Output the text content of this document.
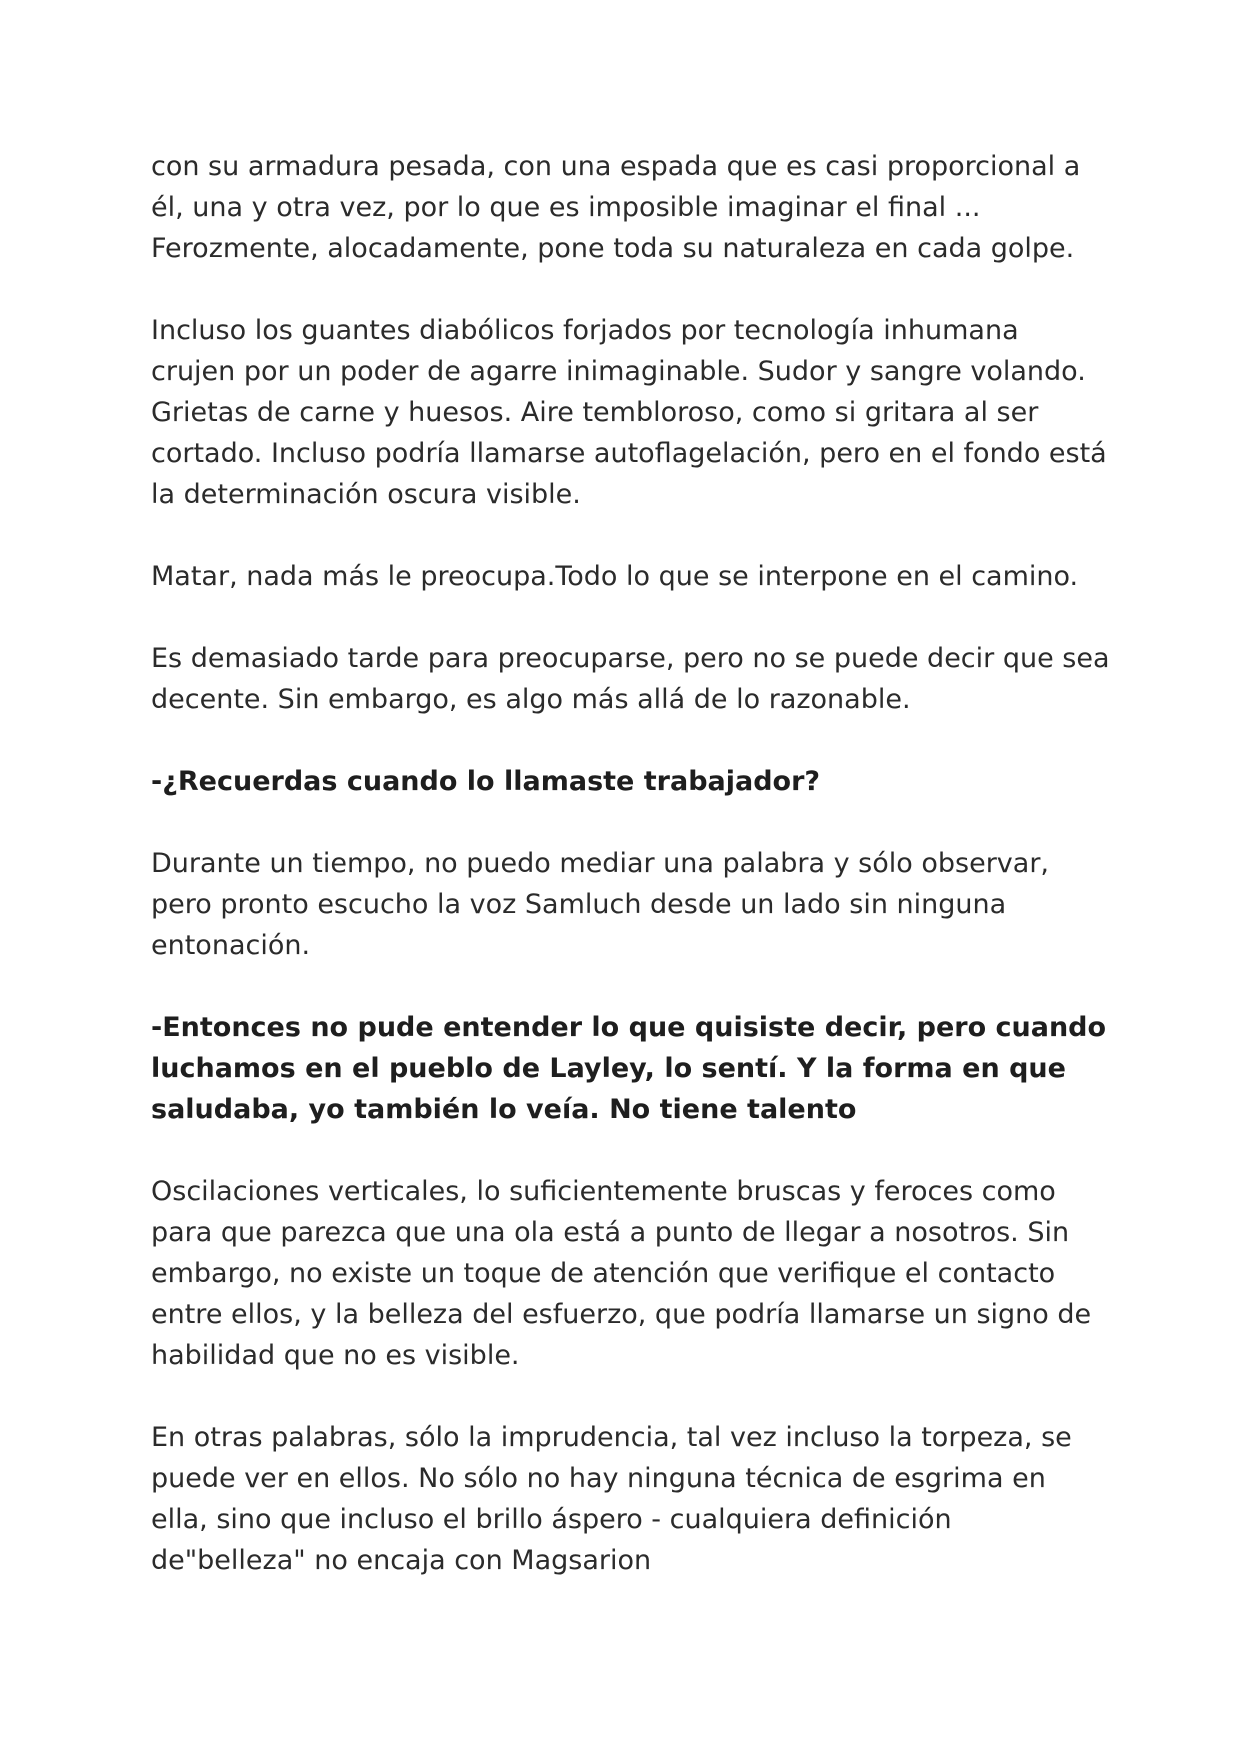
con su armadura pesada, con una espada que es casi proporcional a él, una y otra vez, por lo que es imposible imaginar el final ... Ferozmente, alocadamente, pone toda su naturaleza en cada golpe.

Incluso los guantes diabólicos forjados por tecnología inhumana crujen por un poder de agarre inimaginable. Sudor y sangre volando. Grietas de carne y huesos. Aire tembloroso, como si gritara al ser cortado. Incluso podría llamarse autoflagelación, pero en el fondo está la determinación oscura visible.

Matar, nada más le preocupa.Todo lo que se interpone en el camino.

Es demasiado tarde para preocuparse, pero no se puede decir que sea decente. Sin embargo, es algo más allá de lo razonable.

-¿Recuerdas cuando lo llamaste trabajador?

Durante un tiempo, no puedo mediar una palabra y sólo observar, pero pronto escucho la voz Samluch desde un lado sin ninguna entonación.

-Entonces no pude entender lo que quisiste decir, pero cuando luchamos en el pueblo de Layley, lo sentí. Y la forma en que saludaba, yo también lo veía. No tiene talento

Oscilaciones verticales, lo suficientemente bruscas y feroces como para que parezca que una ola está a punto de llegar a nosotros. Sin embargo, no existe un toque de atención que verifique el contacto entre ellos, y la belleza del esfuerzo, que podría llamarse un signo de habilidad que no es visible.

En otras palabras, sólo la imprudencia, tal vez incluso la torpeza, se puede ver en ellos. No sólo no hay ninguna técnica de esgrima en ella, sino que incluso el brillo áspero - cualquiera definición de"belleza" no encaja con Magsarion
